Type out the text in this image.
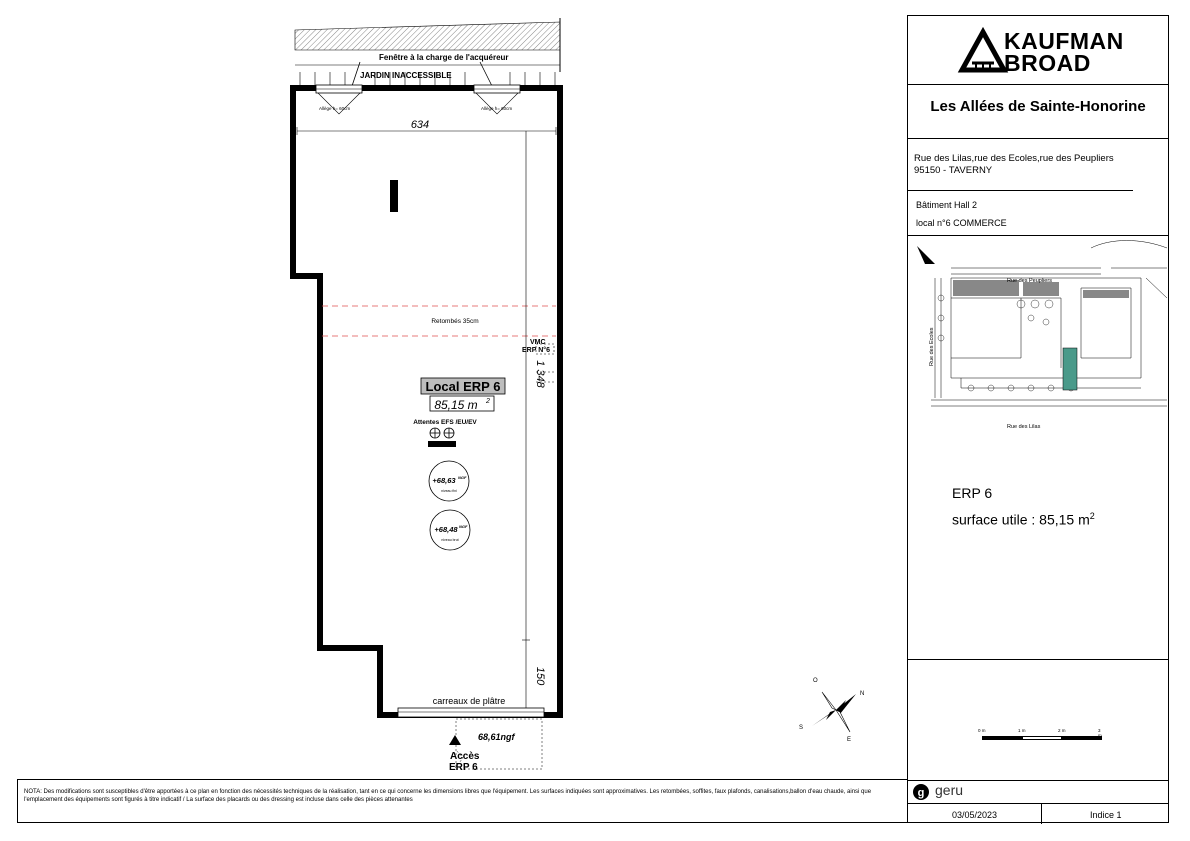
Fenêtre à la charge de l'acquéreur
JARDIN INACCESSIBLE
Allège h= 60cm	Allège h= 60cm
634
Retombés 35cm
1 348
150
VMC
ERP N°6
Local ERP 6
85,15 m 2
Attentes EFS /EU/EV
+68,63 NGF
niveau fini
+68,48 NGF
niveau brut
carreaux de plâtre
68,61ngf
Accès
ERP 6
N
O
S
E
KAUFMAN
BROAD
Les Allées de Sainte-Honorine
Rue des Lilas,rue des Ecoles,rue des Peupliers
95150 - TAVERNY
Bâtiment Hall 2
local n°6 COMMERCE
Rue des Peupliers
Rue des Lilas
Rue des Ecoles
ERP 6
surface utile : 85,15 $m^2$
0 m	1 m	2 m	3
g geru
03/05/2023	Indice 1
NOTA: Des modifications sont susceptibles d'être apportées à ce plan en fonction des nécessités techniques de la réalisation, tant en ce qui concerne les dimensions libres que l'équipement. Les surfaces indiquées sont approximatives. Les retombées, soffites, faux plafonds, canalisations,ballon d'eau chaude, ainsi que l'emplacement des équipements sont figurés à titre indicatif / La surface des placards ou des dressing est incluse dans celle des pièces attenantes
